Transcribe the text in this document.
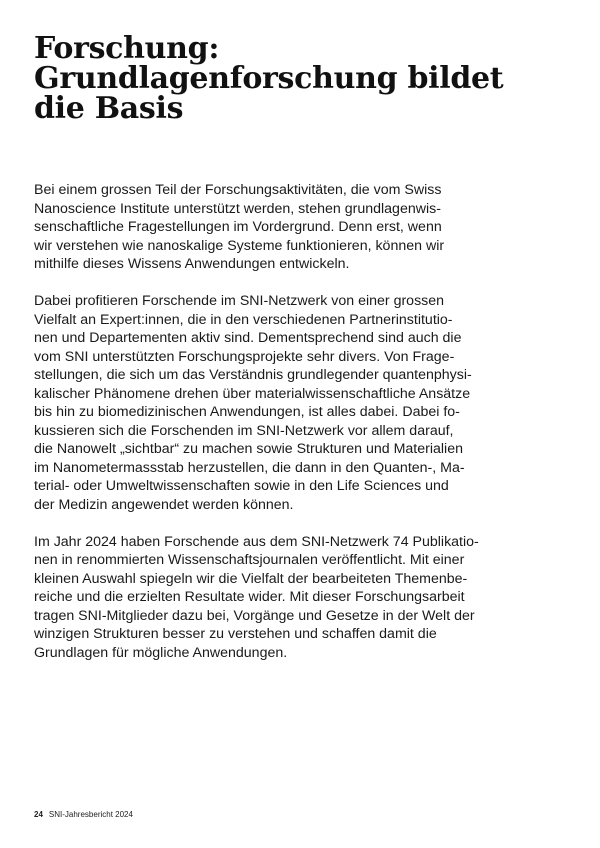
Forschung:
Grundlagenforschung bildet
die Basis

Bei einem grossen Teil der Forschungsaktivitäten, die vom Swiss
Nanoscience Institute unterstützt werden, stehen grundlagenwis-
senschaftliche Fragestellungen im Vordergrund. Denn erst, wenn
wir verstehen wie nanoskalige Systeme funktionieren, können wir
mithilfe dieses Wissens Anwendungen entwickeln.

Dabei profitieren Forschende im SNI-Netzwerk von einer grossen
Vielfalt an Expert:innen, die in den verschiedenen Partnerinstitutio-
nen und Departementen aktiv sind. Dementsprechend sind auch die
vom SNI unterstützten Forschungsprojekte sehr divers. Von Frage-
stellungen, die sich um das Verständnis grundlegender quantenphysi-
kalischer Phänomene drehen über materialwissenschaftliche Ansätze
bis hin zu biomedizinischen Anwendungen, ist alles dabei. Dabei fo-
kussieren sich die Forschenden im SNI-Netzwerk vor allem darauf,
die Nanowelt „sichtbar“ zu machen sowie Strukturen und Materialien
im Nanometermassstab herzustellen, die dann in den Quanten-, Ma-
terial- oder Umweltwissenschaften sowie in den Life Sciences und
der Medizin angewendet werden können.

Im Jahr 2024 haben Forschende aus dem SNI-Netzwerk 74 Publikatio-
nen in renommierten Wissenschaftsjournalen veröffentlicht. Mit einer
kleinen Auswahl spiegeln wir die Vielfalt der bearbeiteten Themenbe-
reiche und die erzielten Resultate wider. Mit dieser Forschungsarbeit
tragen SNI-Mitglieder dazu bei, Vorgänge und Gesetze in der Welt der
winzigen Strukturen besser zu verstehen und schaffen damit die
Grundlagen für mögliche Anwendungen.

24 SNI-Jahresbericht 2024
